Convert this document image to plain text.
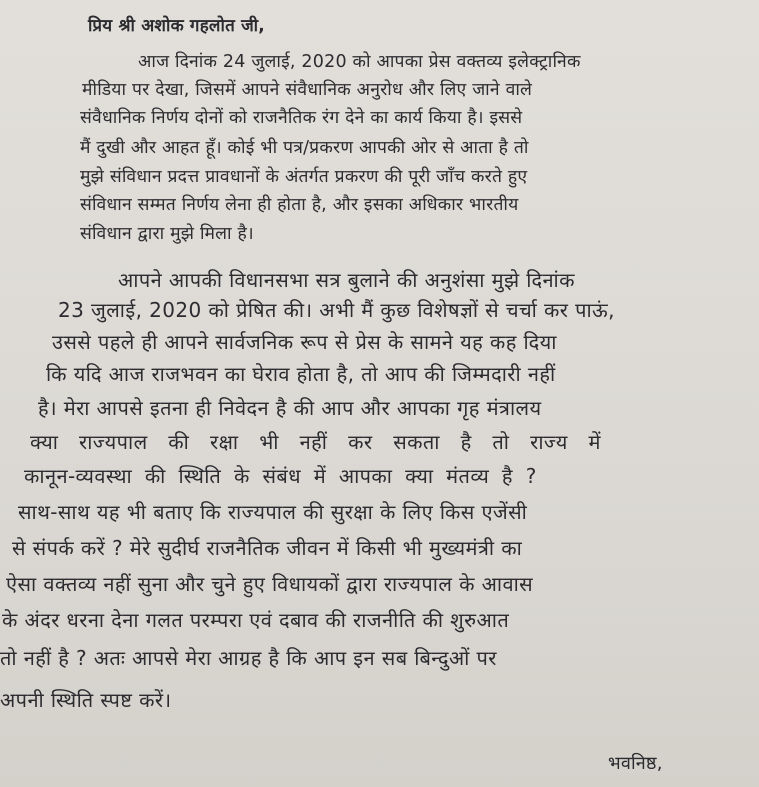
प्रिय श्री अशोक गहलोत जी,
आज दिनांक 24 जुलाई, 2020 को आपका प्रेस वक्तव्य इलेक्ट्रानिक
मीडिया पर देखा, जिसमें आपने संवैधानिक अनुरोध और लिए जाने वाले
संवैधानिक निर्णय दोनों को राजनैतिक रंग देने का कार्य किया है। इससे
मैं दुखी और आहत हूँ। कोई भी पत्र/प्रकरण आपकी ओर से आता है तो
मुझे संविधान प्रदत्त प्रावधानों के अंतर्गत प्रकरण की पूरी जाँच करते हुए
संविधान सम्मत निर्णय लेना ही होता है, और इसका अधिकार भारतीय
संविधान द्वारा मुझे मिला है।
आपने आपकी विधानसभा सत्र बुलाने की अनुशंसा मुझे दिनांक
23 जुलाई, 2020 को प्रेषित की। अभी मैं कुछ विशेषज्ञों से चर्चा कर पाऊं,
उससे पहले ही आपने सार्वजनिक रूप से प्रेस के सामने यह कह दिया
कि यदि आज राजभवन का घेराव होता है, तो आप की जिम्मदारी नहीं
है। मेरा आपसे इतना ही निवेदन है की आप और आपका गृह मंत्रालय
क्या राज्यपाल की रक्षा भी नहीं कर सकता है तो राज्य में
कानून-व्यवस्था की स्थिति के संबंध में आपका क्या मंतव्य है ?
साथ-साथ यह भी बताए कि राज्यपाल की सुरक्षा के लिए किस एजेंसी
से संपर्क करें ? मेरे सुदीर्घ राजनैतिक जीवन में किसी भी मुख्यमंत्री का
ऐसा वक्तव्य नहीं सुना और चुने हुए विधायकों द्वारा राज्यपाल के आवास
के अंदर धरना देना गलत परम्परा एवं दबाव की राजनीति की शुरुआत
तो नहीं है ? अतः आपसे मेरा आग्रह है कि आप इन सब बिन्दुओं पर
अपनी स्थिति स्पष्ट करें।
भवनिष्ठ,
